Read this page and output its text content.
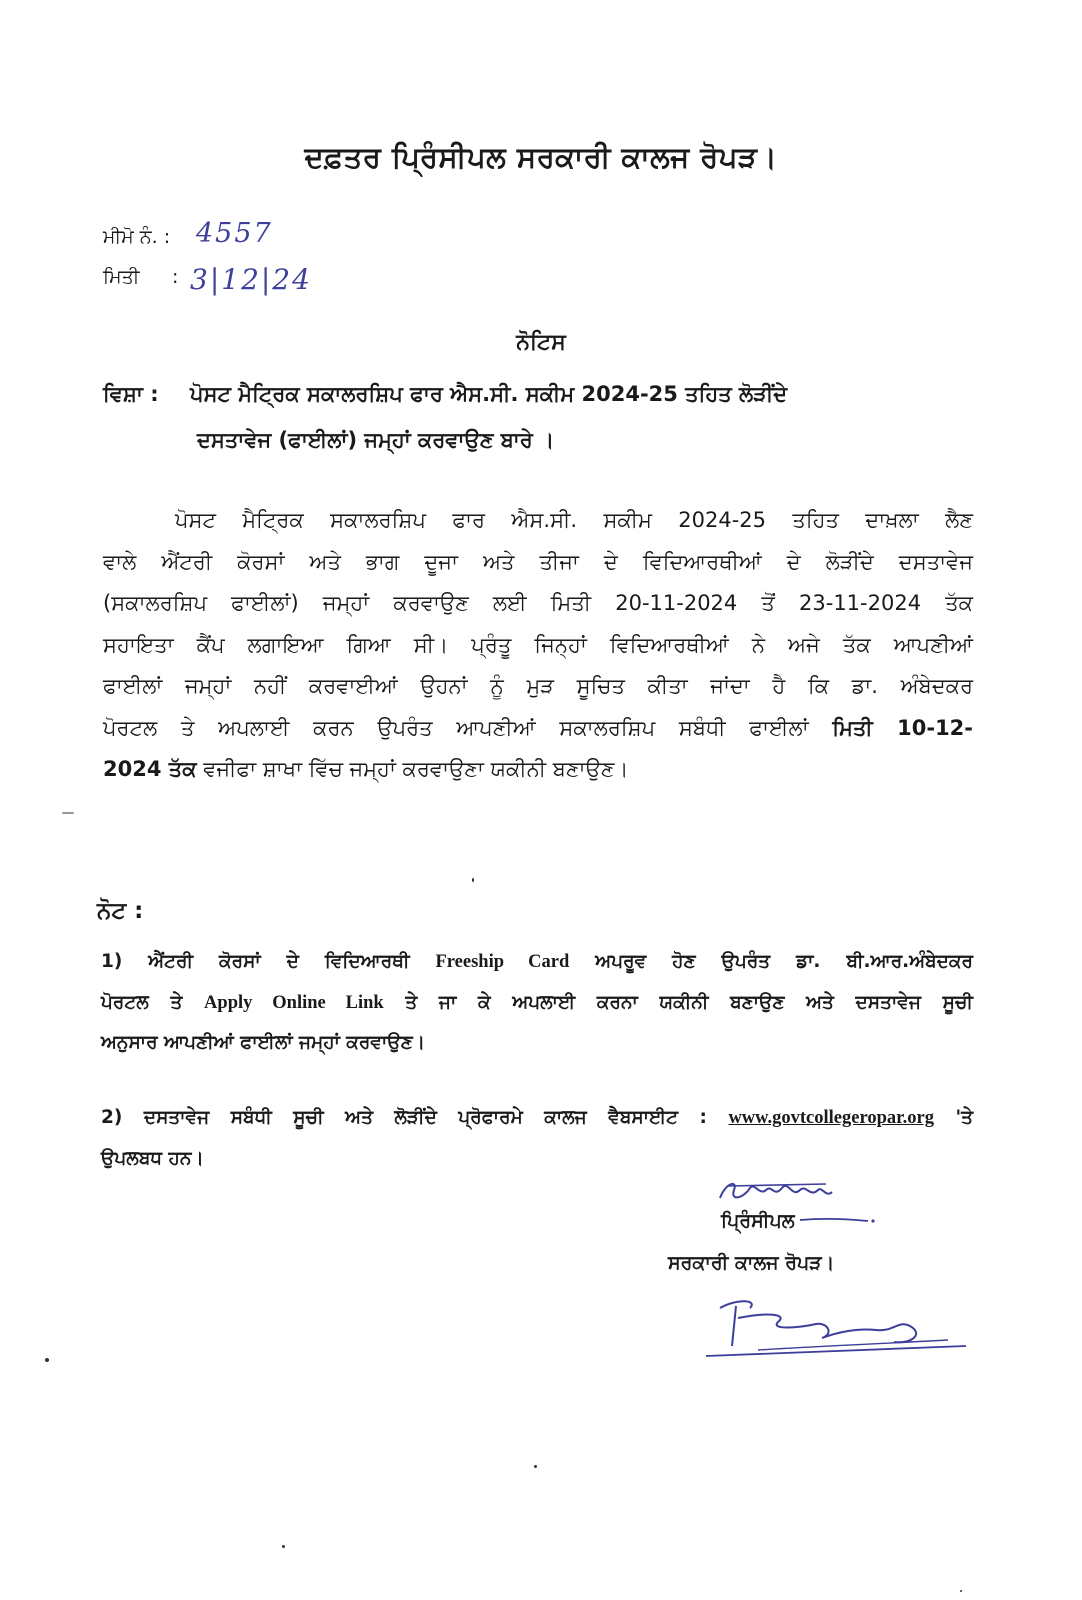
ਦਫ਼ਤਰ ਪ੍ਰਿੰਸੀਪਲ ਸਰਕਾਰੀ ਕਾਲਜ ਰੋਪੜ।
ਮੀਮੋ ਨੰ. : 4557
ਮਿਤੀ : 3|12|24
ਨੋਟਿਸ
ਵਿਸ਼ਾ : ਪੋਸਟ ਮੈਟ੍ਰਿਕ ਸਕਾਲਰਸ਼ਿਪ ਫਾਰ ਐਸ.ਸੀ. ਸਕੀਮ 2024-25 ਤਹਿਤ ਲੋੜੀਂਦੇ
ਦਸਤਾਵੇਜ (ਫਾਈਲਾਂ) ਜਮ੍ਹਾਂ ਕਰਵਾਉਣ ਬਾਰੇ ।
ਪੋਸਟ ਮੈਟ੍ਰਿਕ ਸਕਾਲਰਸ਼ਿਪ ਫਾਰ ਐਸ.ਸੀ. ਸਕੀਮ 2024-25 ਤਹਿਤ ਦਾਖ਼ਲਾ ਲੈਣ
ਵਾਲੇ ਐਂਟਰੀ ਕੋਰਸਾਂ ਅਤੇ ਭਾਗ ਦੂਜਾ ਅਤੇ ਤੀਜਾ ਦੇ ਵਿਦਿਆਰਥੀਆਂ ਦੇ ਲੋੜੀਂਦੇ ਦਸਤਾਵੇਜ
(ਸਕਾਲਰਸ਼ਿਪ ਫਾਈਲਾਂ) ਜਮ੍ਹਾਂ ਕਰਵਾਉਣ ਲਈ ਮਿਤੀ 20-11-2024 ਤੋਂ 23-11-2024 ਤੱਕ
ਸਹਾਇਤਾ ਕੈਂਪ ਲਗਾਇਆ ਗਿਆ ਸੀ। ਪ੍ਰੰਤੂ ਜਿਨ੍ਹਾਂ ਵਿਦਿਆਰਥੀਆਂ ਨੇ ਅਜੇ ਤੱਕ ਆਪਣੀਆਂ
ਫਾਈਲਾਂ ਜਮ੍ਹਾਂ ਨਹੀਂ ਕਰਵਾਈਆਂ ਉਹਨਾਂ ਨੂੰ ਮੁੜ ਸੂਚਿਤ ਕੀਤਾ ਜਾਂਦਾ ਹੈ ਕਿ ਡਾ. ਅੰਬੇਦਕਰ
ਪੋਰਟਲ ਤੇ ਅਪਲਾਈ ਕਰਨ ਉਪਰੰਤ ਆਪਣੀਆਂ ਸਕਾਲਰਸ਼ਿਪ ਸਬੰਧੀ ਫਾਈਲਾਂ ਮਿਤੀ 10-12-
2024 ਤੱਕ ਵਜੀਫਾ ਸ਼ਾਖਾ ਵਿੱਚ ਜਮ੍ਹਾਂ ਕਰਵਾਉਣਾ ਯਕੀਨੀ ਬਣਾਉਣ।
ਨੋਟ :
1) ਐਂਟਰੀ ਕੋਰਸਾਂ ਦੇ ਵਿਦਿਆਰਥੀ Freeship Card ਅਪਰੂਵ ਹੋਣ ਉਪਰੰਤ ਡਾ. ਬੀ.ਆਰ.ਅੰਬੇਦਕਰ
ਪੋਰਟਲ ਤੇ Apply Online Link ਤੇ ਜਾ ਕੇ ਅਪਲਾਈ ਕਰਨਾ ਯਕੀਨੀ ਬਣਾਉਣ ਅਤੇ ਦਸਤਾਵੇਜ ਸੂਚੀ
ਅਨੁਸਾਰ ਆਪਣੀਆਂ ਫਾਈਲਾਂ ਜਮ੍ਹਾਂ ਕਰਵਾਉਣ।
2) ਦਸਤਾਵੇਜ ਸਬੰਧੀ ਸੂਚੀ ਅਤੇ ਲੋੜੀਂਦੇ ਪ੍ਰੋਫਾਰਮੇ ਕਾਲਜ ਵੈਬਸਾਈਟ : www.govtcollegeropar.org 'ਤੇ
ਉਪਲਬਧ ਹਨ।
ਪ੍ਰਿੰਸੀਪਲ
ਸਰਕਾਰੀ ਕਾਲਜ ਰੋਪੜ।
